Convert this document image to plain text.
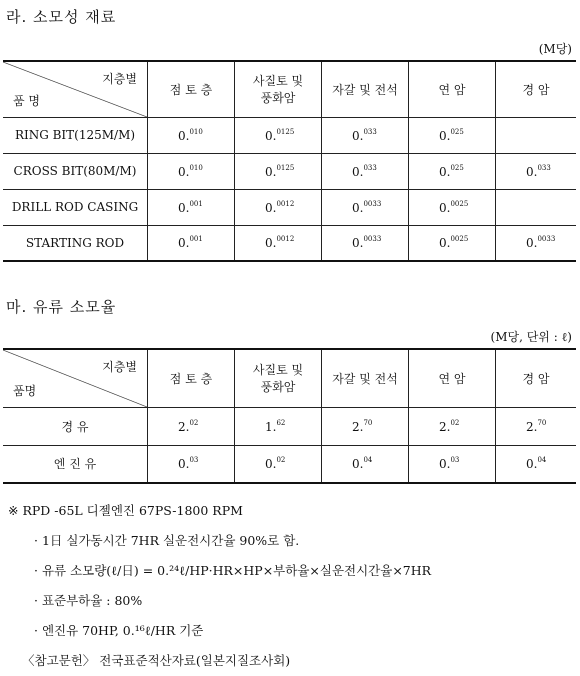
라. 소모성 재료
(M당)
지층별
품 명	점 토 층	사질토 및
풍화암	자갈 및 전석	연 암	경 암
RING BIT(125M/M)	0.$^{010}$	0.$^{0125}$	0.$^{033}$	0.$^{025}$	
CROSS BIT(80M/M)	0.$^{010}$	0.$^{0125}$	0.$^{033}$	0.$^{025}$	0.$^{033}$
DRILL ROD CASING	0.$^{001}$	0.$^{0012}$	0.$^{0033}$	0.$^{0025}$	
STARTING ROD	0.$^{001}$	0.$^{0012}$	0.$^{0033}$	0.$^{0025}$	0.$^{0033}$
마. 유류 소모율
(M당, 단위 : ℓ)
지층별
품명	점 토 층	사질토 및
풍화암	자갈 및 전석	연 암	경 암
경 유	2.02	1.62	2.70	2.02	2.70
엔 진 유	0.03	0.02	0.04	0.03	0.04
※ RPD -65L 디젤엔진 67PS-1800 RPM
· 1日 실가동시간 7HR 실운전시간율 90%로 함.
· 유류 소모량(ℓ/日) = 0.²⁴ℓ/HP·HR×HP×부하율×실운전시간율×7HR
· 표준부하율 : 80%
· 엔진유 70HP, 0.¹⁶ℓ/HR 기준
〈참고문헌〉 전국표준적산자료(일본지질조사회)
